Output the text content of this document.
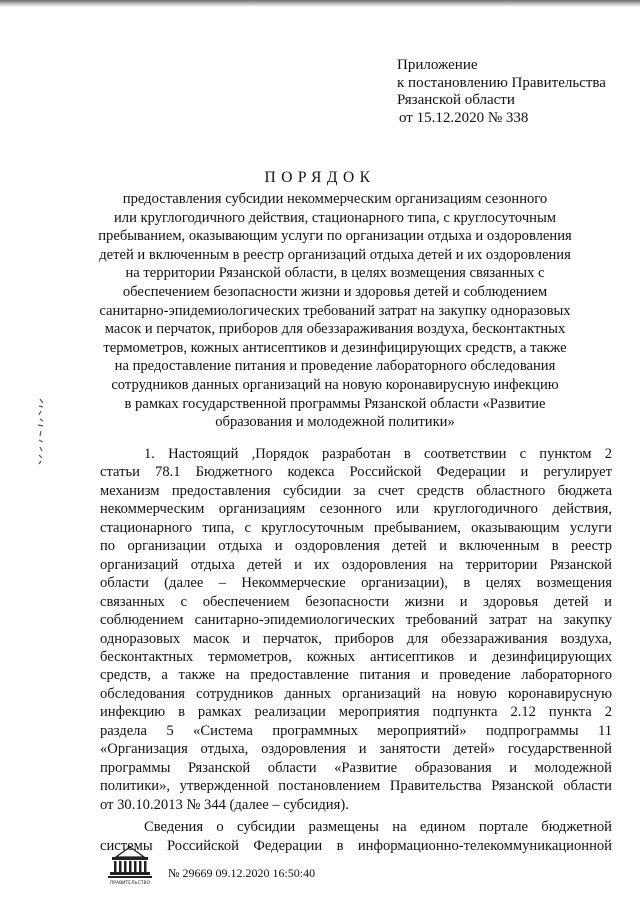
Приложение
к постановлению Правительства
Рязанской области
от 15.12.2020 № 338
ПОРЯДОК
предоставления субсидии некоммерческим организациям сезонного
или круглогодичного действия, стационарного типа, с круглосуточным
пребыванием, оказывающим услуги по организации отдыха и оздоровления
детей и включенным в реестр организаций отдыха детей и их оздоровления
на территории Рязанской области, в целях возмещения связанных с
обеспечением безопасности жизни и здоровья детей и соблюдением
санитарно-эпидемиологических требований затрат на закупку одноразовых
масок и перчаток, приборов для обеззараживания воздуха, бесконтактных
термометров, кожных антисептиков и дезинфицирующих средств, а также
на предоставление питания и проведение лабораторного обследования
сотрудников данных организаций на новую коронавирусную инфекцию
в рамках государственной программы Рязанской области «Развитие
образования и молодежной политики»
1. Настоящий ,Порядок разработан в соответствии с пунктом 2
статьи 78.1 Бюджетного кодекса Российской Федерации и регулирует
механизм предоставления субсидии за счет средств областного бюджета
некоммерческим организациям сезонного или круглогодичного действия,
стационарного типа, с круглосуточным пребыванием, оказывающим услуги
по организации отдыха и оздоровления детей и включенным в реестр
организаций отдыха детей и их оздоровления на территории Рязанской
области (далее – Некоммерческие организации), в целях возмещения
связанных с обеспечением безопасности жизни и здоровья детей и
соблюдением санитарно-эпидемиологических требований затрат на закупку
одноразовых масок и перчаток, приборов для обеззараживания воздуха,
бесконтактных термометров, кожных антисептиков и дезинфицирующих
средств, а также на предоставление питания и проведение лабораторного
обследования сотрудников данных организаций на новую коронавирусную
инфекцию в рамках реализации мероприятия подпункта 2.12 пункта 2
раздела 5 «Система программных мероприятий» подпрограммы 11
«Организация отдыха, оздоровления и занятости детей» государственной
программы Рязанской области «Развитие образования и молодежной
политики», утвержденной постановлением Правительства Рязанской области
от 30.10.2013 № 344 (далее – субсидия).
Сведения о субсидии размещены на едином портале бюджетной
системы Российской Федерации в информационно-телекоммуникационной
ПРАВИТЕЛЬСТВО
№ 29669 09.12.2020 16:50:40
